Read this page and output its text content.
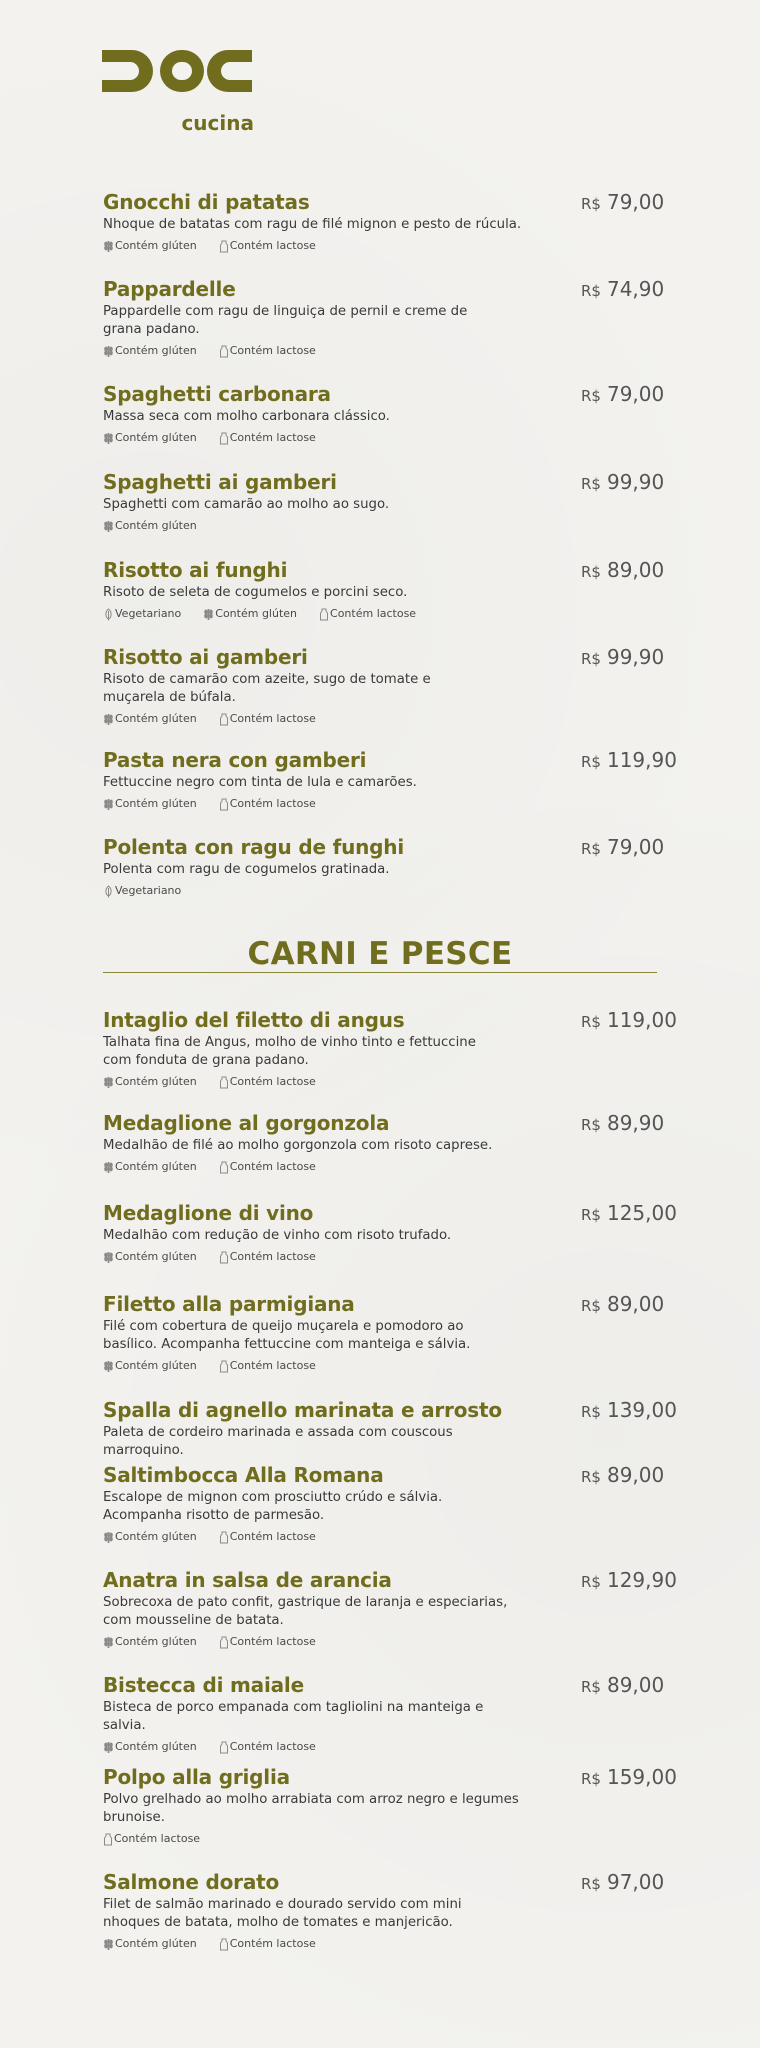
cucina
Gnocchi di patatas	R$ 79,00
Nhoque de batatas com ragu de filé mignon e pesto de rúcula.
Contém glúten	Contém lactose
Pappardelle	R$ 74,90
Pappardelle com ragu de linguiça de pernil e creme de
grana padano.
Contém glúten	Contém lactose
Spaghetti carbonara	R$ 79,00
Massa seca com molho carbonara clássico.
Contém glúten	Contém lactose
Spaghetti ai gamberi	R$ 99,90
Spaghetti com camarão ao molho ao sugo.
Contém glúten
Risotto ai funghi	R$ 89,00
Risoto de seleta de cogumelos e porcini seco.
Vegetariano	Contém glúten	Contém lactose
Risotto ai gamberi	R$ 99,90
Risoto de camarão com azeite, sugo de tomate e
muçarela de búfala.
Contém glúten	Contém lactose
Pasta nera con gamberi	R$ 119,90
Fettuccine negro com tinta de lula e camarões.
Contém glúten	Contém lactose
Polenta con ragu de funghi	R$ 79,00
Polenta com ragu de cogumelos gratinada.
Vegetariano
Intaglio del filetto di angus	R$ 119,00
Talhata fina de Angus, molho de vinho tinto e fettuccine
com fonduta de grana padano.
Contém glúten	Contém lactose
Medaglione al gorgonzola	R$ 89,90
Medalhão de filé ao molho gorgonzola com risoto caprese.
Contém glúten	Contém lactose
Medaglione di vino	R$ 125,00
Medalhão com redução de vinho com risoto trufado.
Contém glúten	Contém lactose
Filetto alla parmigiana	R$ 89,00
Filé com cobertura de queijo muçarela e pomodoro ao
basílico. Acompanha fettuccine com manteiga e sálvia.
Contém glúten	Contém lactose
Spalla di agnello marinata e arrosto	R$ 139,00
Paleta de cordeiro marinada e assada com couscous marroquino.
Saltimbocca Alla Romana	R$ 89,00
Escalope de mignon com prosciutto crúdo e sálvia.
Acompanha risotto de parmesão.
Contém glúten	Contém lactose
Anatra in salsa de arancia	R$ 129,90
Sobrecoxa de pato confit, gastrique de laranja e especiarias,
com mousseline de batata.
Contém glúten	Contém lactose
Bistecca di maiale	R$ 89,00
Bisteca de porco empanada com tagliolini na manteiga e salvia.
Contém glúten	Contém lactose
Polpo alla griglia	R$ 159,00
Polvo grelhado ao molho arrabiata com arroz negro e legumes
brunoise.
Contém lactose
Salmone dorato	R$ 97,00
Filet de salmão marinado e dourado servido com mini
nhoques de batata, molho de tomates e manjericão.
Contém glúten	Contém lactose
CARNI E PESCE
